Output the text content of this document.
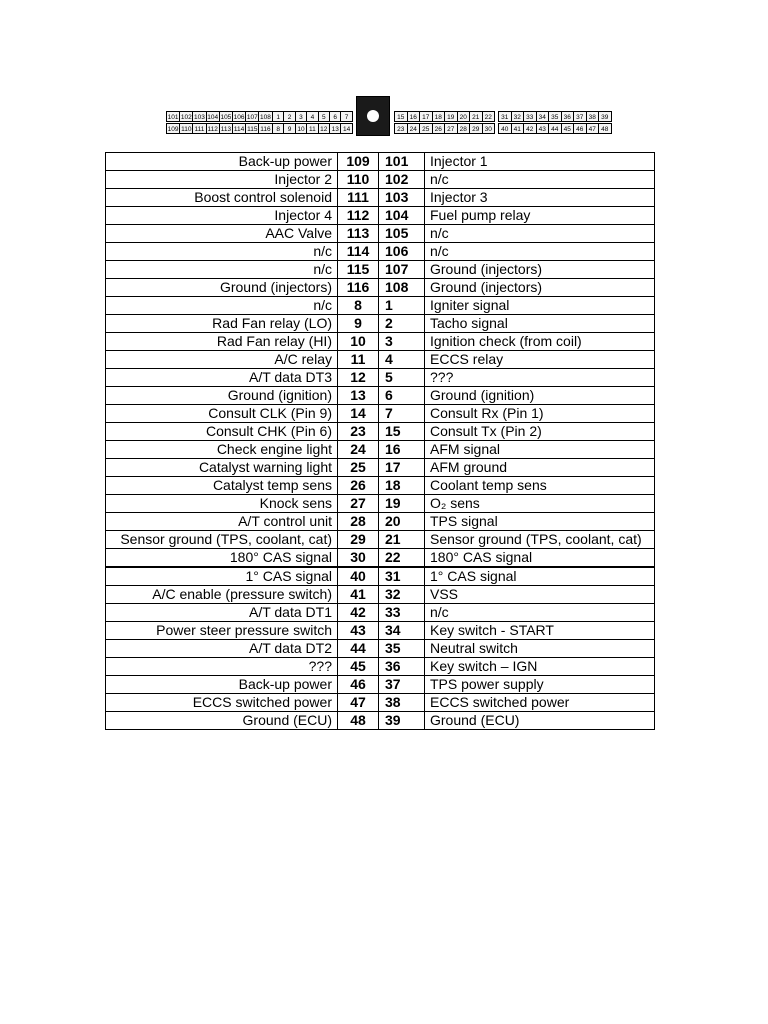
101 102 103 104 105 106 107 108
109 110 111 112 113 114 115 116
1	2	3	4	5	6	7
8	9 10 11 12 13 14
15 16 17 18 19 20 21 22	31 32 33 34 35 36 37 38 39
23 24 25 26 27 28 29 30	40 41 42 43 44 45 46 47 48
Back-up power	109	101	Injector 1
Injector 2	110	102	n/c
Boost control solenoid	111	103	Injector 3
Injector 4	112	104	Fuel pump relay
AAC Valve	113	105	n/c
n/c	114	106	n/c
n/c	115	107	Ground (injectors)
Ground (injectors)	116	108	Ground (injectors)
n/c	8	1	Igniter signal
Rad Fan relay (LO)	9	2	Tacho signal
Rad Fan relay (HI)	10	3	Ignition check (from coil)
A/C relay	11	4	ECCS relay
A/T data DT3	12	5	???
Ground (ignition)	13	6	Ground (ignition)
Consult CLK (Pin 9)	14	7	Consult Rx (Pin 1)
Consult CHK (Pin 6)	23	15	Consult Tx (Pin 2)
Check engine light	24	16	AFM signal
Catalyst warning light	25	17	AFM ground
Catalyst temp sens	26	18	Coolant temp sens
Knock sens	27	19	O₂ sens
A/T control unit	28	20	TPS signal
Sensor ground (TPS, coolant, cat)	29	21	Sensor ground (TPS, coolant, cat)
180° CAS signal	30	22	180° CAS signal
1° CAS signal	40	31	1° CAS signal
A/C enable (pressure switch)	41	32	VSS
A/T data DT1	42	33	n/c
Power steer pressure switch	43	34	Key switch - START
A/T data DT2	44	35	Neutral switch
???	45	36	Key switch – IGN
Back-up power	46	37	TPS power supply
ECCS switched power	47	38	ECCS switched power
Ground (ECU)	48	39	Ground (ECU)
